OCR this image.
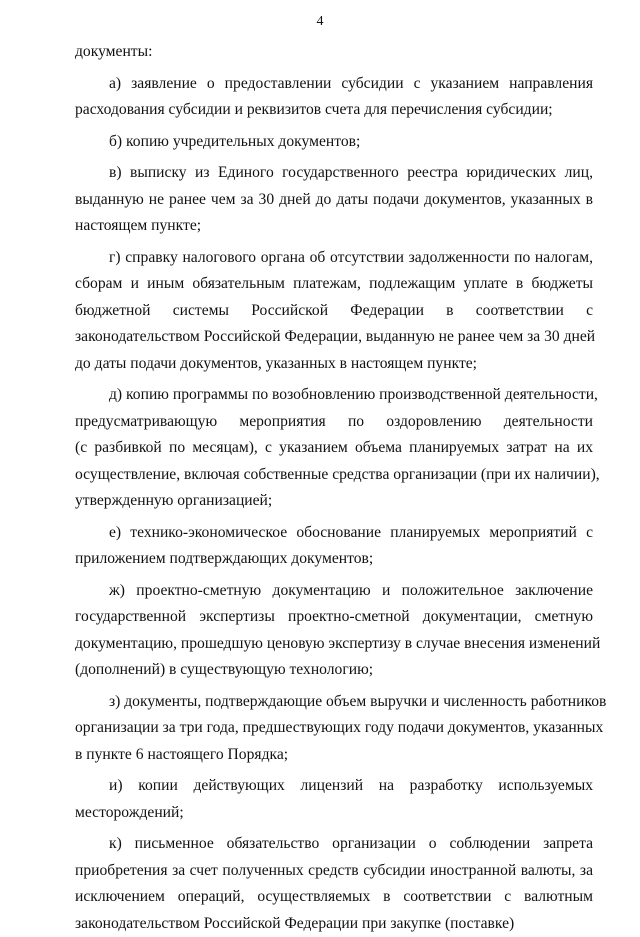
4
документы:
а) заявление о предоставлении субсидии с указанием направления
расходования субсидии и реквизитов счета для перечисления субсидии;
б) копию учредительных документов;
в) выписку из Единого государственного реестра юридических лиц,
выданную не ранее чем за 30 дней до даты подачи документов, указанных в
настоящем пункте;
г) справку налогового органа об отсутствии задолженности по налогам,
сборам и иным обязательным платежам, подлежащим уплате в бюджеты
бюджетной системы Российской Федерации в соответствии с
законодательством Российской Федерации, выданную не ранее чем за 30 дней
до даты подачи документов, указанных в настоящем пункте;
д) копию программы по возобновлению производственной деятельности,
предусматривающую мероприятия по оздоровлению деятельности
(с разбивкой по месяцам), с указанием объема планируемых затрат на их
осуществление, включая собственные средства организации (при их наличии),
утвержденную организацией;
е) технико-экономическое обоснование планируемых мероприятий с
приложением подтверждающих документов;
ж) проектно-сметную документацию и положительное заключение
государственной экспертизы проектно-сметной документации, сметную
документацию, прошедшую ценовую экспертизу в случае внесения изменений
(дополнений) в существующую технологию;
з) документы, подтверждающие объем выручки и численность работников
организации за три года, предшествующих году подачи документов, указанных
в пункте 6 настоящего Порядка;
и) копии действующих лицензий на разработку используемых
месторождений;
к) письменное обязательство организации о соблюдении запрета
приобретения за счет полученных средств субсидии иностранной валюты, за
исключением операций, осуществляемых в соответствии с валютным
законодательством Российской Федерации при закупке (поставке)
